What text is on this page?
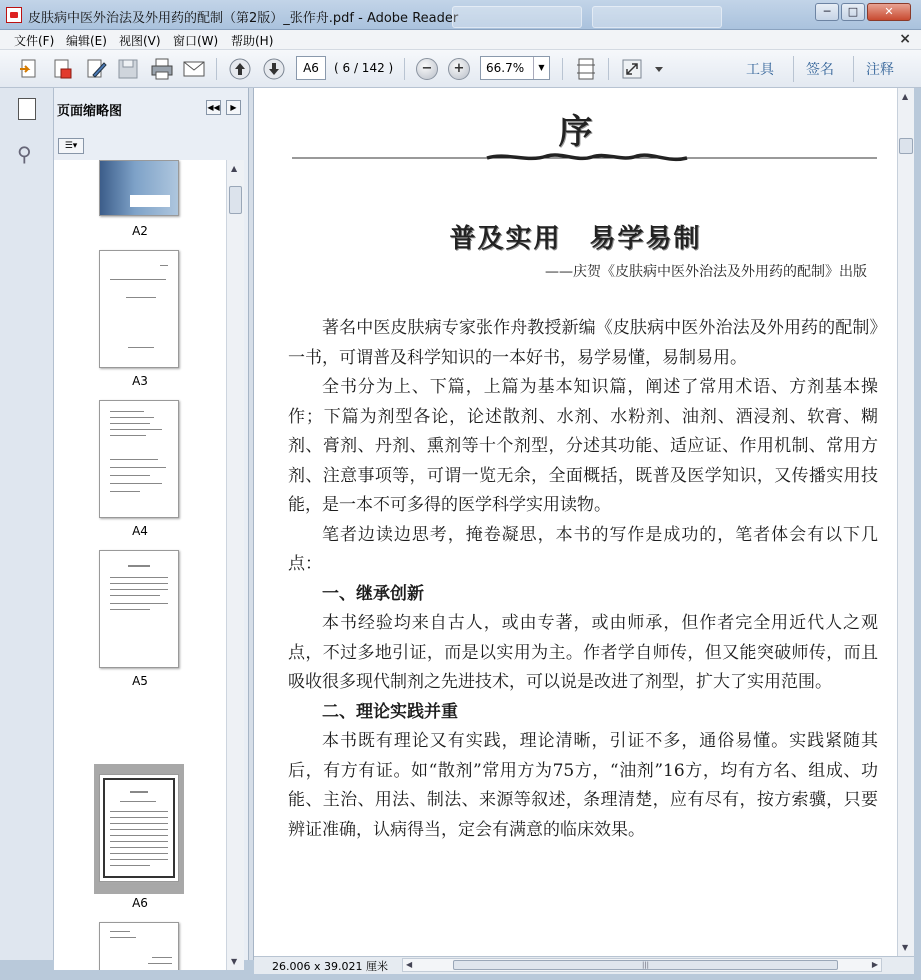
皮肤病中医外治法及外用药的配制（第2版）_张作舟.pdf - Adobe Reader	─	□	✕
文件(F) 编辑(E) 视图(V) 窗口(W) 帮助(H)	×
−	+
A6	( 6 / 142 )	66.7%	▼	工具 签名 注释
⚲
页面缩略图	◀◀	▶
☰▾
A2
A3
A4
A5
A6
▲
▼
序
普及实用　易学易制
——庆贺《皮肤病中医外治法及外用药的配制》出版

著名中医皮肤病专家张作舟教授新编《皮肤病中医外治法及外用药的配制》一书，可谓普及科学知识的一本好书，易学易懂，易制易用。

全书分为上、下篇，上篇为基本知识篇，阐述了常用术语、方剂基本操作；下篇为剂型各论，论述散剂、水剂、水粉剂、油剂、酒浸剂、软膏、糊剂、膏剂、丹剂、熏剂等十个剂型，分述其功能、适应证、作用机制、常用方剂、注意事项等，可谓一览无余，全面概括，既普及医学知识，又传播实用技能，是一本不可多得的医学科学实用读物。

笔者边读边思考，掩卷凝思，本书的写作是成功的，笔者体会有以下几点：

一、继承创新

本书经验均来自古人，或由专著，或由师承，但作者完全用近代人之观点，不过多地引证，而是以实用为主。作者学自师传，但又能突破师传，而且吸收很多现代制剂之先进技术，可以说是改进了剂型，扩大了实用范围。

二、理论实践并重

本书既有理论又有实践，理论清晰，引证不多，通俗易懂。实践紧随其后，有方有证。如“散剂”常用方为75方，“油剂”16方，均有方名、组成、功能、主治、用法、制法、来源等叙述，条理清楚，应有尽有，按方索骥，只要辨证准确，认病得当，定会有满意的临床效果。

▲
▼
26.006 x 39.021 厘米 ◀	|||	▶
